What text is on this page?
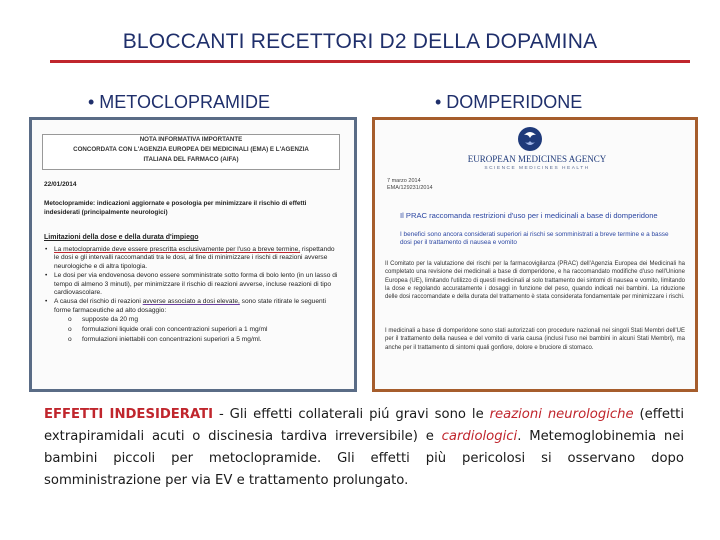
BLOCCANTI RECETTORI D2 DELLA DOPAMINA
• METOCLOPRAMIDE	• DOMPERIDONE
NOTA INFORMATIVA IMPORTANTE
CONCORDATA CON L'AGENZIA EUROPEA DEI MEDICINALI (EMA) E L'AGENZIA
ITALIANA DEL FARMACO (AIFA)
22/01/2014
Metoclopramide: indicazioni aggiornate e posologia per minimizzare il rischio di effetti indesiderati (principalmente neurologici)
Limitazioni della dose e della durata d'impiego
• La metoclopramide deve essere prescritta esclusivamente per l'uso a breve termine, rispettando le dosi e gli intervalli raccomandati tra le dosi, al fine di minimizzare i rischi di reazioni avverse neurologiche e di altra tipologia.
• Le dosi per via endovenosa devono essere somministrate sotto forma di bolo lento (in un lasso di tempo di almeno 3 minuti), per minimizzare il rischio di reazioni avverse, incluse reazioni di tipo cardiovascolare.
• A causa del rischio di reazioni avverse associato a dosi elevate, sono state ritirate le seguenti forme farmaceutiche ad alto dosaggio:
o supposte da 20 mg
o formulazioni liquide orali con concentrazioni superiori a 1 mg/ml
o formulazioni iniettabili con concentrazioni superiori a 5 mg/ml.
EUROPEAN MEDICINES AGENCY
SCIENCE MEDICINES HEALTH
7 marzo 2014
EMA/129231/2014
Il PRAC raccomanda restrizioni d'uso per i medicinali a base di domperidone
I benefici sono ancora considerati superiori ai rischi se somministrati a breve termine e a basse dosi per il trattamento di nausea e vomito
Il Comitato per la valutazione dei rischi per la farmacovigilanza (PRAC) dell'Agenzia Europea dei Medicinali ha completato una revisione dei medicinali a base di domperidone, e ha raccomandato modifiche d'uso nell'Unione Europea (UE), limitando l'utilizzo di questi medicinali al solo trattamento dei sintomi di nausea e vomito, limitando la dose e regolando accuratamente i dosaggi in funzione del peso, quando indicati nei bambini. La riduzione delle dosi raccomandate e della durata del trattamento è stata considerata fondamentale per minimizzare i rischi.
I medicinali a base di domperidone sono stati autorizzati con procedure nazionali nei singoli Stati Membri dell'UE per il trattamento della nausea e del vomito di varia causa (inclusi l'uso nei bambini in alcuni Stati Membri), ma anche per il trattamento di sintomi quali gonfiore, dolore e bruciore di stomaco.
EFFETTI INDESIDERATI - Gli effetti collaterali piú gravi sono le reazioni neurologiche (effetti extrapiramidali acuti o discinesia tardiva irreversibile) e cardiologici. Metemoglobinemia nei bambini piccoli per metoclopramide. Gli effetti più pericolosi si osservano dopo somministrazione per via EV e trattamento prolungato.
